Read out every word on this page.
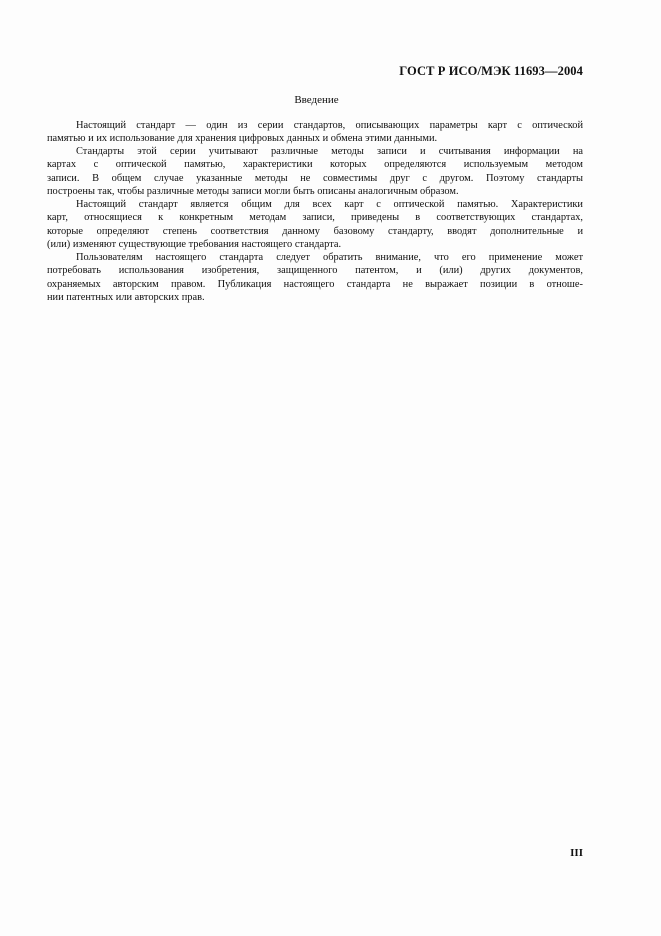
ГОСТ Р ИСО/МЭК 11693—2004
Введение
Настоящий стандарт — один из серии стандартов, описывающих параметры карт с оптической
памятью и их использование для хранения цифровых данных и обмена этими данными.
Стандарты этой серии учитывают различные методы записи и считывания информации на
картах с оптической памятью, характеристики которых определяются используемым методом
записи. В общем случае указанные методы не совместимы друг с другом. Поэтому стандарты
построены так, чтобы различные методы записи могли быть описаны аналогичным образом.
Настоящий стандарт является общим для всех карт с оптической памятью. Характеристики
карт, относящиеся к конкретным методам записи, приведены в соответствующих стандартах,
которые определяют степень соответствия данному базовому стандарту, вводят дополнительные и
(или) изменяют существующие требования настоящего стандарта.
Пользователям настоящего стандарта следует обратить внимание, что его применение может
потребовать использования изобретения, защищенного патентом, и (или) других документов,
охраняемых авторским правом. Публикация настоящего стандарта не выражает позиции в отноше-
нии патентных или авторских прав.
III
